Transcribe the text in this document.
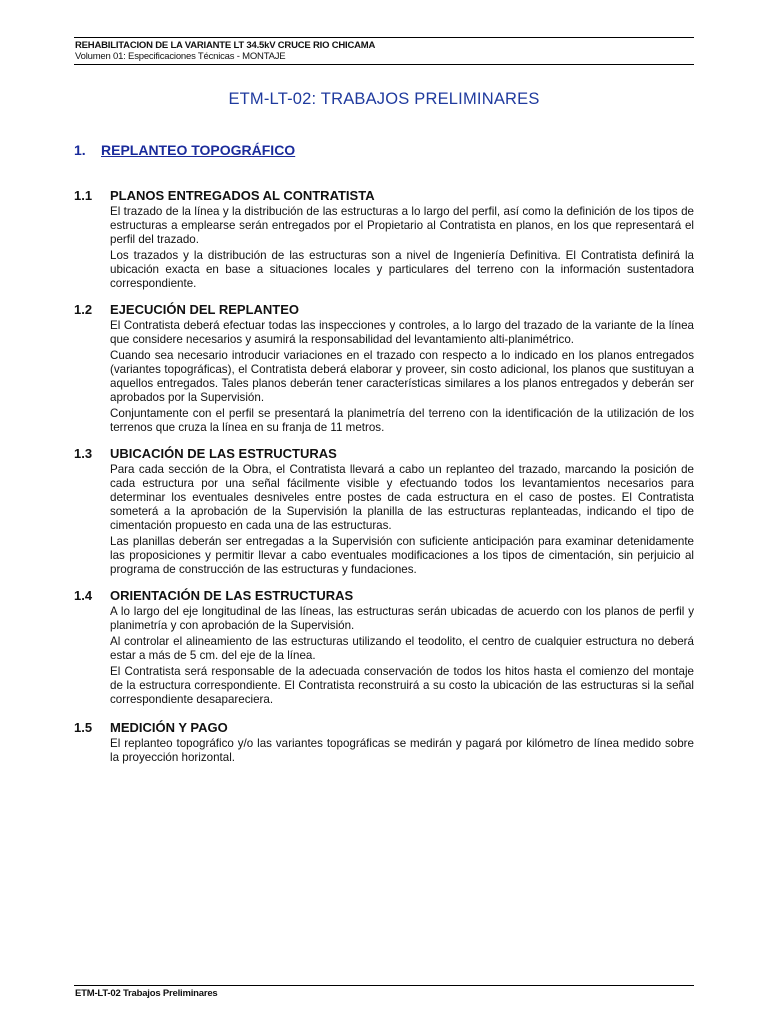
REHABILITACION DE LA VARIANTE LT 34.5kV CRUCE RIO CHICAMA
Volumen 01: Especificaciones Técnicas - MONTAJE
ETM-LT-02: TRABAJOS PRELIMINARES
1. REPLANTEO TOPOGRÁFICO
1.1 PLANOS ENTREGADOS AL CONTRATISTA

El trazado de la línea y la distribución de las estructuras a lo largo del perfil, así como la definición de los tipos de estructuras a emplearse serán entregados por el Propietario al Contratista en planos, en los que representará el perfil del trazado.

Los trazados y la distribución de las estructuras son a nivel de Ingeniería Definitiva. El Contratista definirá la ubicación exacta en base a situaciones locales y particulares del terreno con la información sustentadora correspondiente.

1.2 EJECUCIÓN DEL REPLANTEO

El Contratista deberá efectuar todas las inspecciones y controles, a lo largo del trazado de la variante de la línea que considere necesarios y asumirá la responsabilidad del levantamiento alti-planimétrico.

Cuando sea necesario introducir variaciones en el trazado con respecto a lo indicado en los planos entregados (variantes topográficas), el Contratista deberá elaborar y proveer, sin costo adicional, los planos que sustituyan a aquellos entregados. Tales planos deberán tener características similares a los planos entregados y deberán ser aprobados por la Supervisión.

Conjuntamente con el perfil se presentará la planimetría del terreno con la identificación de la utilización de los terrenos que cruza la línea en su franja de 11 metros.

1.3 UBICACIÓN DE LAS ESTRUCTURAS

Para cada sección de la Obra, el Contratista llevará a cabo un replanteo del trazado, marcando la posición de cada estructura por una señal fácilmente visible y efectuando todos los levantamientos necesarios para determinar los eventuales desniveles entre postes de cada estructura en el caso de postes. El Contratista someterá a la aprobación de la Supervisión la planilla de las estructuras replanteadas, indicando el tipo de cimentación propuesto en cada una de las estructuras.

Las planillas deberán ser entregadas a la Supervisión con suficiente anticipación para examinar detenidamente las proposiciones y permitir llevar a cabo eventuales modificaciones a los tipos de cimentación, sin perjuicio al programa de construcción de las estructuras y fundaciones.

1.4 ORIENTACIÓN DE LAS ESTRUCTURAS

A lo largo del eje longitudinal de las líneas, las estructuras serán ubicadas de acuerdo con los planos de perfil y planimetría y con aprobación de la Supervisión.

Al controlar el alineamiento de las estructuras utilizando el teodolito, el centro de cualquier estructura no deberá estar a más de 5 cm. del eje de la línea.

El Contratista será responsable de la adecuada conservación de todos los hitos hasta el comienzo del montaje de la estructura correspondiente. El Contratista reconstruirá a su costo la ubicación de las estructuras si la señal correspondiente desapareciera.

1.5 MEDICIÓN Y PAGO

El replanteo topográfico y/o las variantes topográficas se medirán y pagará por kilómetro de línea medido sobre la proyección horizontal.

ETM-LT-02 Trabajos Preliminares
